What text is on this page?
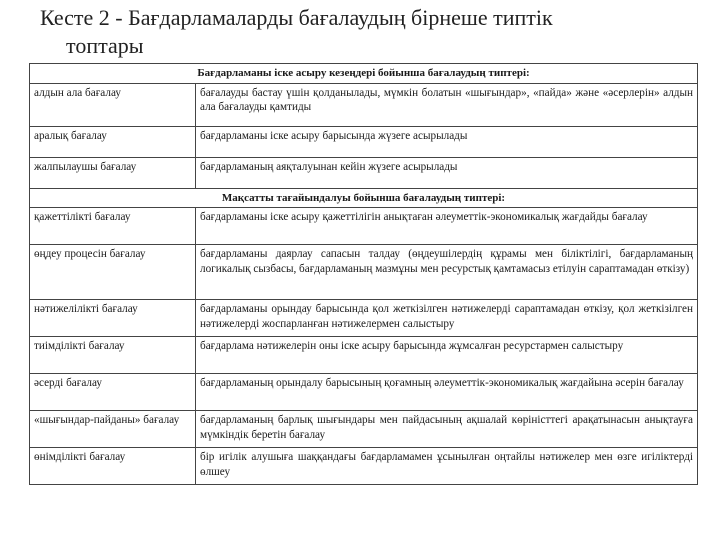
Кесте 2 - Бағдарламаларды бағалаудың бірнеше типтік
топтары
Бағдарламаны іске асыру кезеңдері бойынша бағалаудың типтері:	
алдын ала бағалау	бағалауды бастау үшін қолданылады, мүмкін болатын «шығындар», «пайда» және «әсерлерін» алдын ала бағалауды қамтиды
аралық бағалау	бағдарламаны іске асыру барысында жүзеге асырылады
жалпылаушы бағалау	бағдарламаның аяқталуынан кейін жүзеге асырылады
Мақсатты тағайындалуы бойынша бағалаудың типтері:	
қажеттілікті бағалау	бағдарламаны іске асыру қажеттілігін анықтаған әлеуметтік-экономикалық жағдайды бағалау
өңдеу процесін бағалау	бағдарламаны даярлау сапасын талдау (өңдеушілердің құрамы мен біліктілігі, бағдарламаның логикалық сызбасы, бағдарламаның мазмұны мен ресурстық қамтамасыз етілуін сараптамадан өткізу)
нәтижелілікті бағалау	бағдарламаны орындау барысында қол жеткізілген нәтижелерді сараптамадан өткізу, қол жеткізілген нәтижелерді жоспарланған нәтижелермен салыстыру
тиімділікті бағалау	бағдарлама нәтижелерін оны іске асыру барысында жұмсалған ресурстармен салыстыру
әсерді бағалау	бағдарламаның орындалу барысының қоғамның әлеуметтік-экономикалық жағдайына әсерін бағалау
«шығындар-пайданы» бағалау	бағдарламаның барлық шығындары мен пайдасының ақшалай көріністтегі арақатынасын анықтауға мүмкіндік беретін бағалау
өнімділікті бағалау	бір игілік алушыға шаққандағы бағдарламамен ұсынылған оңтайлы нәтижелер мен өзге игіліктерді өлшеу
